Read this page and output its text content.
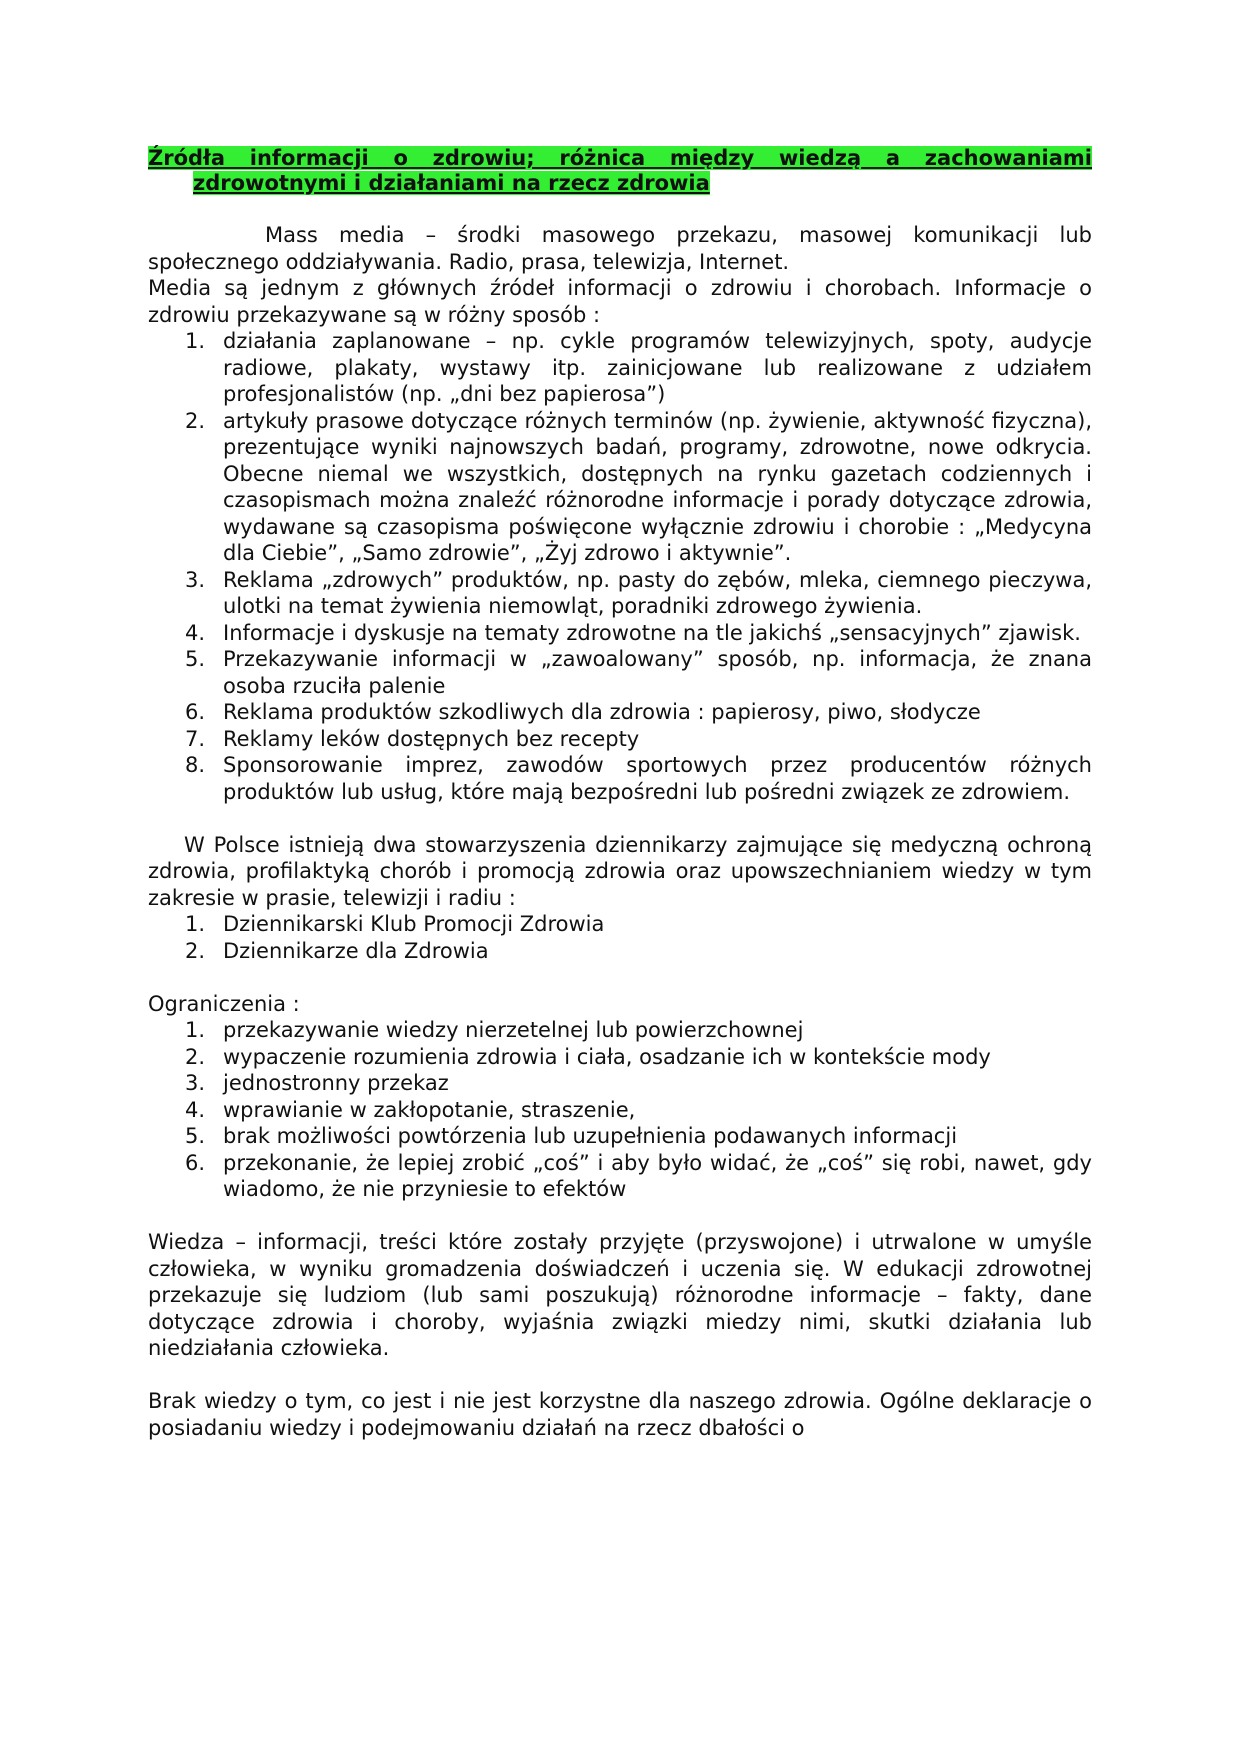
Źródła informacji o zdrowiu; różnica między wiedzą a zachowaniami zdrowotnymi i działaniami na rzecz zdrowia

Mass media – środki masowego przekazu, masowej komunikacji lub społecznego oddziaływania. Radio, prasa, telewizja, Internet.

Media są jednym z głównych źródeł informacji o zdrowiu i chorobach. Informacje o zdrowiu przekazywane są w różny sposób :

1. działania zaplanowane – np. cykle programów telewizyjnych, spoty, audycje radiowe, plakaty, wystawy itp. zainicjowane lub realizowane z udziałem profesjonalistów (np. „dni bez papierosa”)
2. artykuły prasowe dotyczące różnych terminów (np. żywienie, aktywność fizyczna), prezentujące wyniki najnowszych badań, programy, zdrowotne, nowe odkrycia. Obecne niemal we wszystkich, dostępnych na rynku gazetach codziennych i czasopismach można znaleźć różnorodne informacje i porady dotyczące zdrowia, wydawane są czasopisma poświęcone wyłącznie zdrowiu i chorobie : „Medycyna dla Ciebie”, „Samo zdrowie”, „Żyj zdrowo i aktywnie”.
3. Reklama „zdrowych” produktów, np. pasty do zębów, mleka, ciemnego pieczywa, ulotki na temat żywienia niemowląt, poradniki zdrowego żywienia.
4. Informacje i dyskusje na tematy zdrowotne na tle jakichś „sensacyjnych” zjawisk.
5. Przekazywanie informacji w „zawoalowany” sposób, np. informacja, że znana osoba rzuciła palenie
6. Reklama produktów szkodliwych dla zdrowia : papierosy, piwo, słodycze
7. Reklamy leków dostępnych bez recepty
8. Sponsorowanie imprez, zawodów sportowych przez producentów różnych produktów lub usług, które mają bezpośredni lub pośredni związek ze zdrowiem.

W Polsce istnieją dwa stowarzyszenia dziennikarzy zajmujące się medyczną ochroną zdrowia, profilaktyką chorób i promocją zdrowia oraz upowszechnianiem wiedzy w tym zakresie w prasie, telewizji i radiu :

1. Dziennikarski Klub Promocji Zdrowia
2. Dziennikarze dla Zdrowia

Ograniczenia :

1. przekazywanie wiedzy nierzetelnej lub powierzchownej
2. wypaczenie rozumienia zdrowia i ciała, osadzanie ich w kontekście mody
3. jednostronny przekaz
4. wprawianie w zakłopotanie, straszenie,
5. brak możliwości powtórzenia lub uzupełnienia podawanych informacji
6. przekonanie, że lepiej zrobić „coś” i aby było widać, że „coś” się robi, nawet, gdy wiadomo, że nie przyniesie to efektów

Wiedza – informacji, treści które zostały przyjęte (przyswojone) i utrwalone w umyśle człowieka, w wyniku gromadzenia doświadczeń i uczenia się. W edukacji zdrowotnej przekazuje się ludziom (lub sami poszukują) różnorodne informacje – fakty, dane dotyczące zdrowia i choroby, wyjaśnia związki miedzy nimi, skutki działania lub niedziałania człowieka.

Brak wiedzy o tym, co jest i nie jest korzystne dla naszego zdrowia. Ogólne deklaracje o posiadaniu wiedzy i podejmowaniu działań na rzecz dbałości o
